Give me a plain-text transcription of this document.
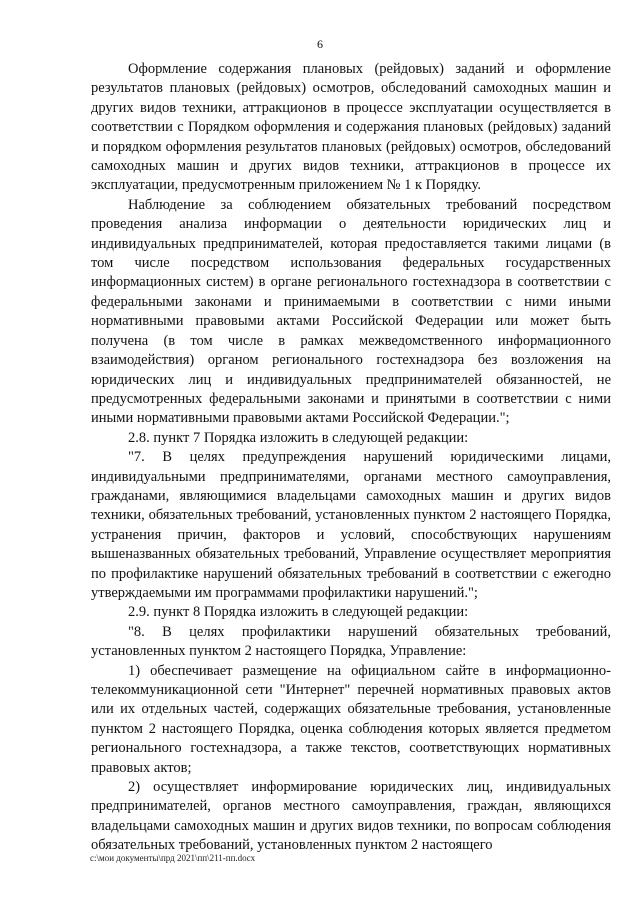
6

Оформление содержания плановых (рейдовых) заданий и оформление результатов плановых (рейдовых) осмотров, обследований самоходных машин и других видов техники, аттракционов в процессе эксплуатации осуществляется в соответствии с Порядком оформления и содержания плановых (рейдовых) заданий и порядком оформления результатов плановых (рейдовых) осмотров, обследований самоходных машин и других видов техники, аттракционов в процессе их эксплуатации, предусмотренным приложением № 1 к Порядку.

Наблюдение за соблюдением обязательных требований посредством проведения анализа информации о деятельности юридических лиц и индивидуальных предпринимателей, которая предоставляется такими лицами (в том числе посредством использования федеральных государственных информационных систем) в органе регионального гостехнадзора в соответствии с федеральными законами и принимаемыми в соответствии с ними иными нормативными правовыми актами Российской Федерации или может быть получена (в том числе в рамках межведомственного информационного взаимодействия) органом регионального гостехнадзора без возложения на юридических лиц и индивидуальных предпринимателей обязанностей, не предусмотренных федеральными законами и принятыми в соответствии с ними иными нормативными правовыми актами Российской Федерации.";

2.8. пункт 7 Порядка изложить в следующей редакции:

"7. В целях предупреждения нарушений юридическими лицами, индивидуальными предпринимателями, органами местного самоуправления, гражданами, являющимися владельцами самоходных машин и других видов техники, обязательных требований, установленных пунктом 2 настоящего Порядка, устранения причин, факторов и условий, способствующих нарушениям вышеназванных обязательных требований, Управление осуществляет мероприятия по профилактике нарушений обязательных требований в соответствии с ежегодно утверждаемыми им программами профилактики нарушений.";

2.9. пункт 8 Порядка изложить в следующей редакции:

"8. В целях профилактики нарушений обязательных требований, установленных пунктом 2 настоящего Порядка, Управление:

1) обеспечивает размещение на официальном сайте в информационно-телекоммуникационной сети "Интернет" перечней нормативных правовых актов или их отдельных частей, содержащих обязательные требования, установленные пунктом 2 настоящего Порядка, оценка соблюдения которых является предметом регионального гостехнадзора, а также текстов, соответствующих нормативных правовых актов;

2) осуществляет информирование юридических лиц, индивидуальных предпринимателей, органов местного самоуправления, граждан, являющихся владельцами самоходных машин и других видов техники, по вопросам соблюдения обязательных требований, установленных пунктом 2 настоящего

c:\мои документы\прд 2021\пп\211-пп.docx
